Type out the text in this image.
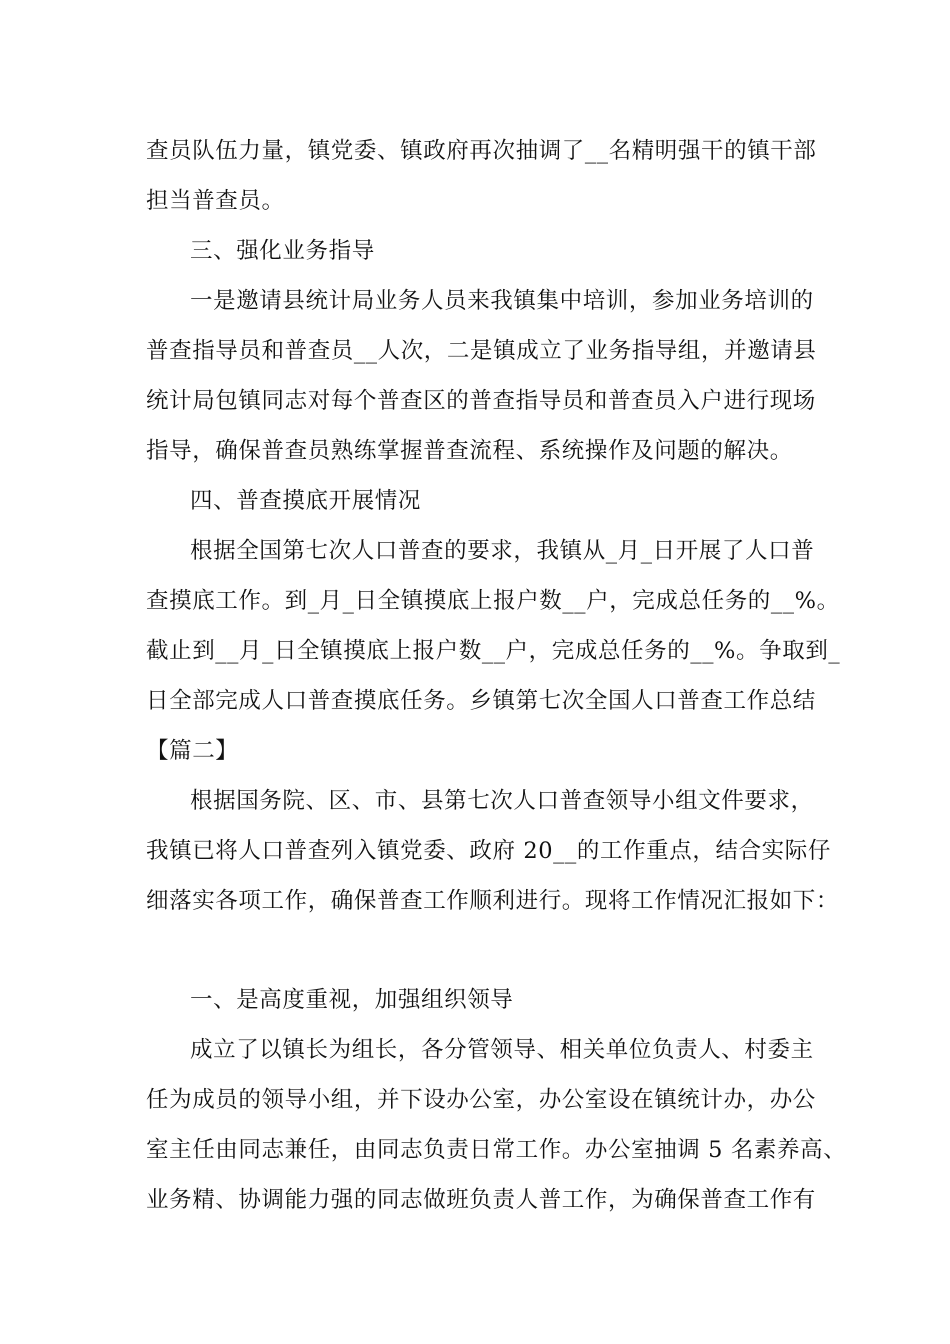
查员队伍力量，镇党委、镇政府再次抽调了__名精明强干的镇干部
担当普查员。
三、强化业务指导
一是邀请县统计局业务人员来我镇集中培训，参加业务培训的
普查指导员和普查员__人次，二是镇成立了业务指导组，并邀请县
统计局包镇同志对每个普查区的普查指导员和普查员入户进行现场
指导，确保普查员熟练掌握普查流程、系统操作及问题的解决。
四、普查摸底开展情况
根据全国第七次人口普查的要求，我镇从_月_日开展了人口普
查摸底工作。到_月_日全镇摸底上报户数__户，完成总任务的__%。
截止到__月_日全镇摸底上报户数__户，完成总任务的__%。争取到_
日全部完成人口普查摸底任务。乡镇第七次全国人口普查工作总结
【篇二】
根据国务院、区、市、县第七次人口普查领导小组文件要求，
我镇已将人口普查列入镇党委、政府 20__的工作重点，结合实际仔
细落实各项工作，确保普查工作顺利进行。现将工作情况汇报如下：
一、是高度重视，加强组织领导
成立了以镇长为组长，各分管领导、相关单位负责人、村委主
任为成员的领导小组，并下设办公室，办公室设在镇统计办，办公
室主任由同志兼任，由同志负责日常工作。办公室抽调 5 名素养高、
业务精、协调能力强的同志做班负责人普工作，为确保普查工作有
